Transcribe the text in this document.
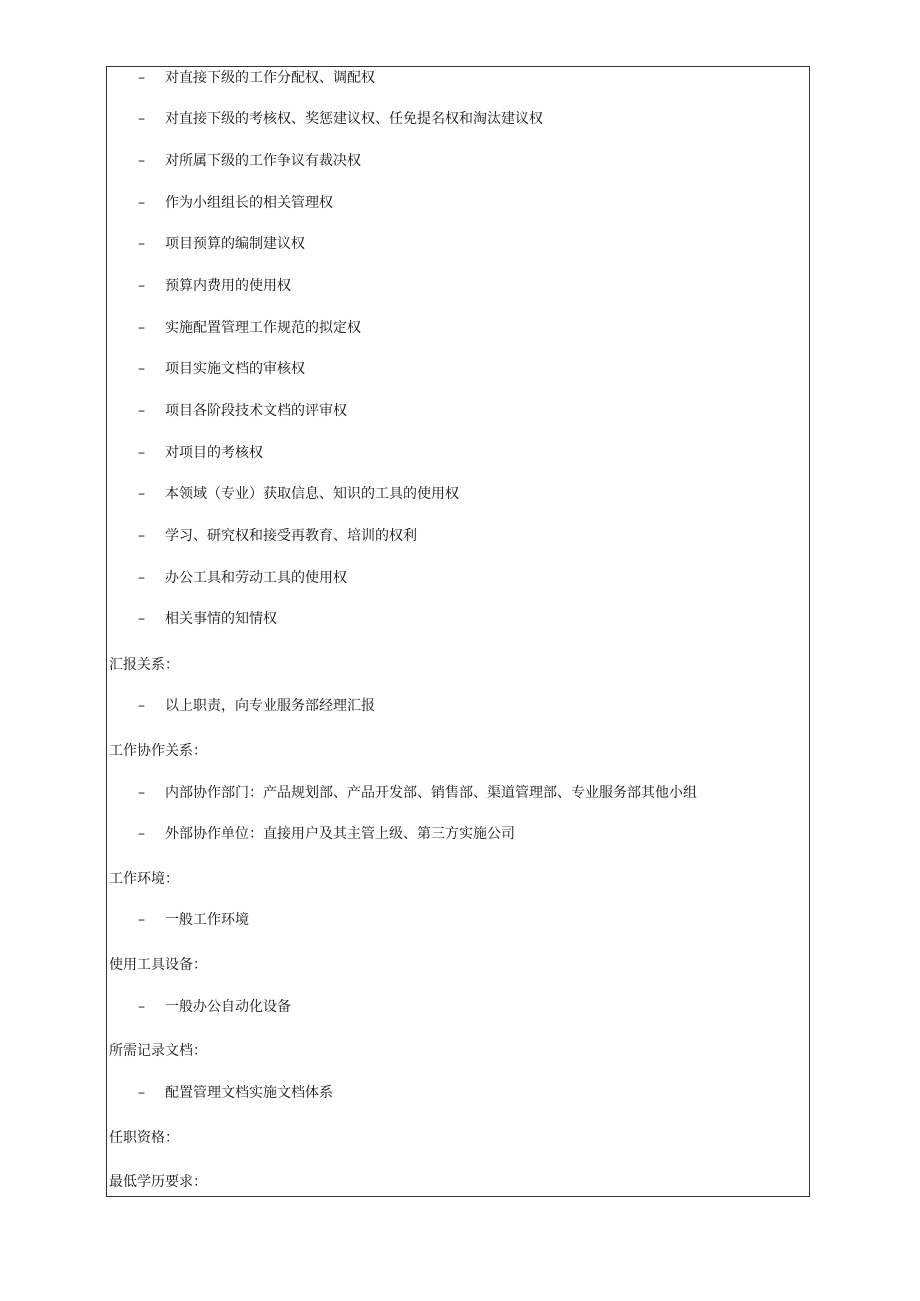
– 对直接下级的工作分配权、调配权
– 对直接下级的考核权、奖惩建议权、任免提名权和淘汰建议权
– 对所属下级的工作争议有裁决权
– 作为小组组长的相关管理权
– 项目预算的编制建议权
– 预算内费用的使用权
– 实施配置管理工作规范的拟定权
– 项目实施文档的审核权
– 项目各阶段技术文档的评审权
– 对项目的考核权
– 本领域（专业）获取信息、知识的工具的使用权
– 学习、研究权和接受再教育、培训的权利
– 办公工具和劳动工具的使用权
– 相关事情的知情权
汇报关系：
– 以上职责，向专业服务部经理汇报
工作协作关系：
– 内部协作部门：产品规划部、产品开发部、销售部、渠道管理部、专业服务部其他小组
– 外部协作单位：直接用户及其主管上级、第三方实施公司
工作环境：
– 一般工作环境
使用工具设备：
– 一般办公自动化设备
所需记录文档：
– 配置管理文档实施文档体系
任职资格：
最低学历要求：
